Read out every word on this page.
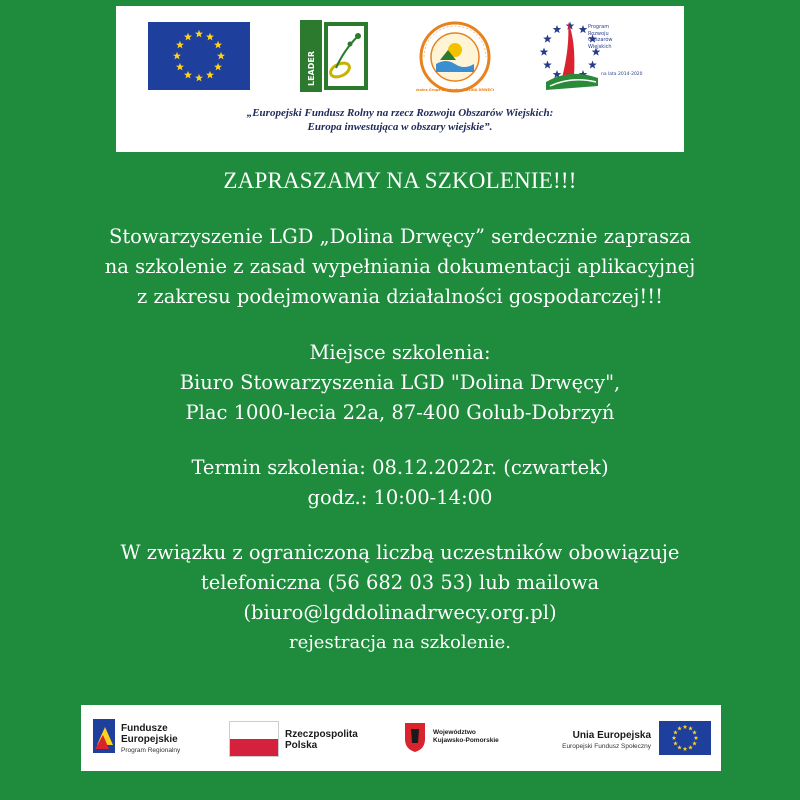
LEADER
Lokalna Grupa Działania „DOLINA DRWĘCY”
Program
Rozwoju
Obszarów
Wiejskich
na lata 2014-2020
„Europejski Fundusz Rolny na rzecz Rozwoju Obszarów Wiejskich:
Europa inwestująca w obszary wiejskie”.
ZAPRASZAMY NA SZKOLENIE!!!
Stowarzyszenie LGD „Dolina Drwęcy” serdecznie zaprasza
na szkolenie z zasad wypełniania dokumentacji aplikacyjnej
z zakresu podejmowania działalności gospodarczej!!!
Miejsce szkolenia:
Biuro Stowarzyszenia LGD "Dolina Drwęcy",
Plac 1000-lecia 22a, 87-400 Golub-Dobrzyń
Termin szkolenia: 08.12.2022r. (czwartek)
godz.: 10:00-14:00
W związku z ograniczoną liczbą uczestników obowiązuje
telefoniczna (56 682 03 53) lub mailowa
(biuro@lgddolinadrwecy.org.pl)
rejestracja na szkolenie.
Fundusze
Europejskie
Program Regionalny
Rzeczpospolita
Polska
Województwo
Kujawsko-Pomorskie	Unia Europejska
Europejski Fundusz Społeczny
